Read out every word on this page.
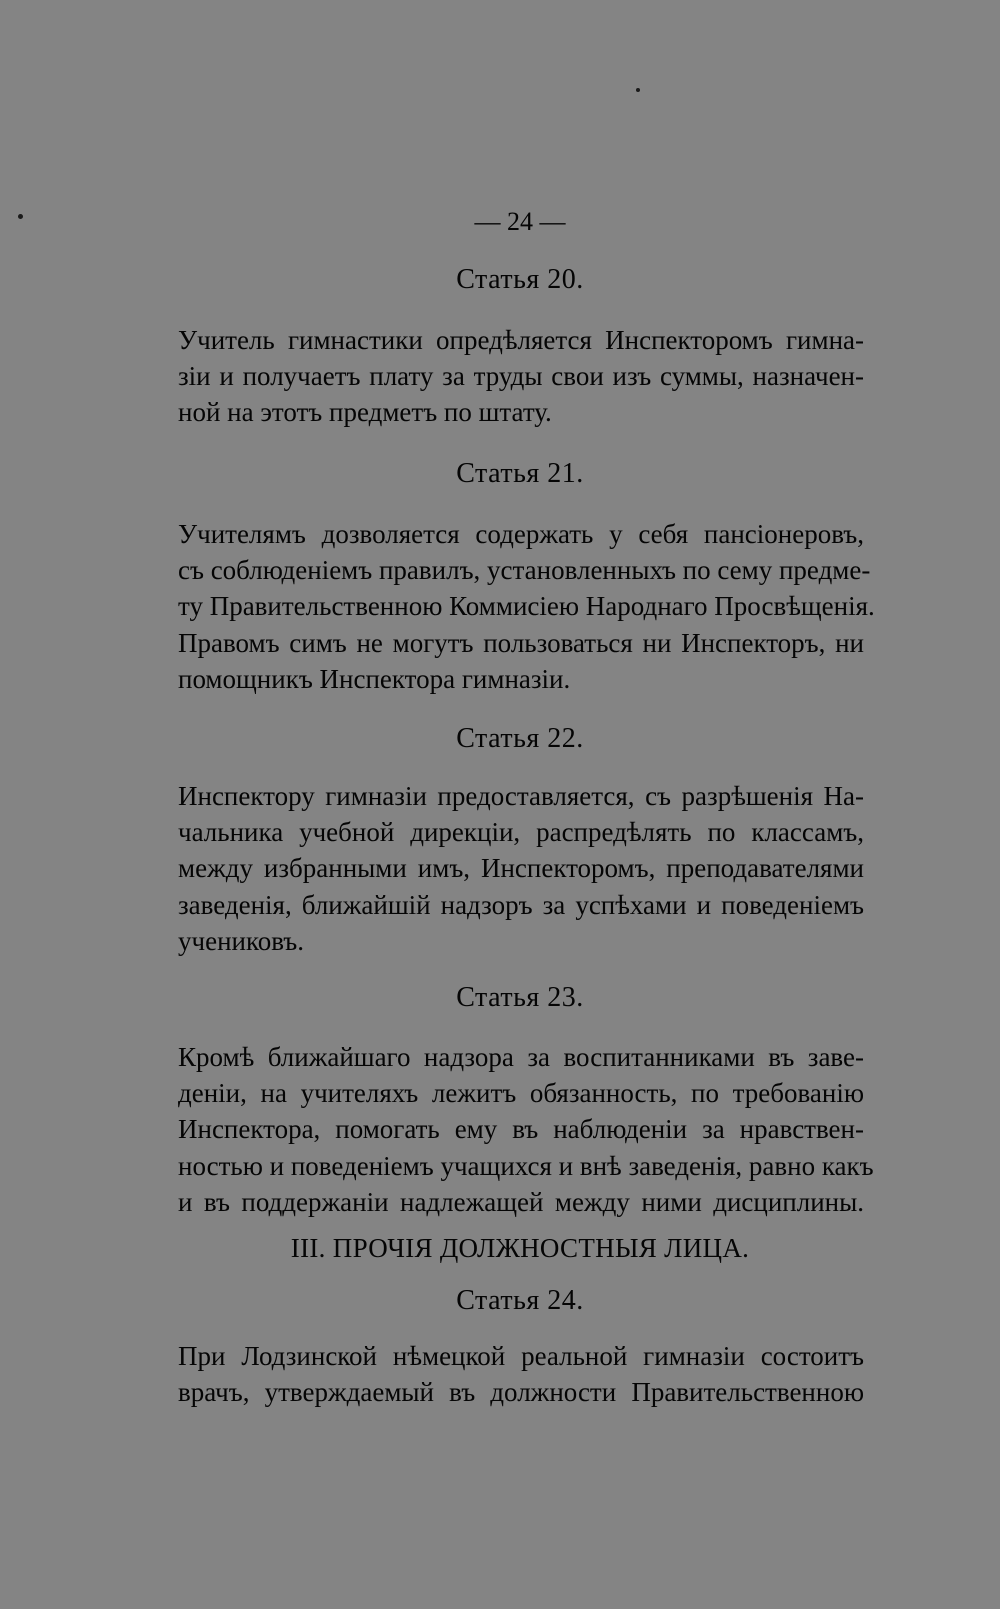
— 24 —
Статья 20.
Учитель гимнастики опредѣляется Инспекторомъ гимна-
зіи и получаетъ плату за труды свои изъ суммы, назначен-
ной на этотъ предметъ по штату.
Статья 21.
Учителямъ дозволяется содержать у себя пансіонеровъ,
съ соблюденіемъ правилъ, установленныхъ по сему предме-
ту Правительственною Коммисіею Народнаго Просвѣщенія.
Правомъ симъ не могутъ пользоваться ни Инспекторъ, ни
помощникъ Инспектора гимназіи.
Статья 22.
Инспектору гимназіи предоставляется, съ разрѣшенія На-
чальника учебной дирекціи, распредѣлять по классамъ,
между избранными имъ, Инспекторомъ, преподавателями
заведенія, ближайшій надзоръ за успѣхами и поведеніемъ
учениковъ.
Статья 23.
Кромѣ ближайшаго надзора за воспитанниками въ заве-
деніи, на учителяхъ лежитъ обязанность, по требованію
Инспектора, помогать ему въ наблюденіи за нравствен-
ностью и поведеніемъ учащихся и внѣ заведенія, равно какъ
и въ поддержаніи надлежащей между ними дисциплины.
III. ПРОЧІЯ ДОЛЖНОСТНЫЯ ЛИЦА.
Статья 24.
При Лодзинской нѣмецкой реальной гимназіи состоитъ
врачъ, утверждаемый въ должности Правительственною
